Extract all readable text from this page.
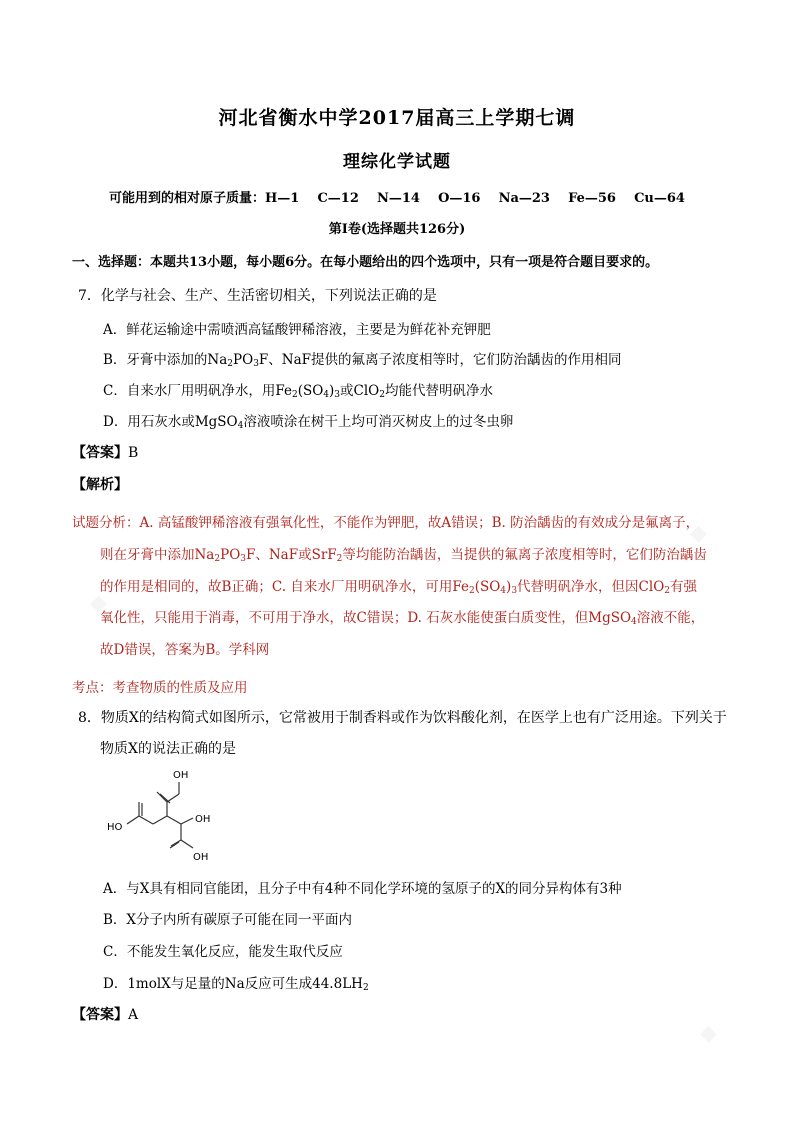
◆
◆
◆
河北省衡水中学2017届高三上学期七调
理综化学试题
可能用到的相对原子质量：H—1    C—12    N—14    O—16    Na—23    Fe—56    Cu—64
第Ⅰ卷(选择题共126分)
一、选择题：本题共13小题，每小题6分。在每小题给出的四个选项中，只有一项是符合题目要求的。
7．化学与社会、生产、生活密切相关，下列说法正确的是
A．鲜花运输途中需喷洒高锰酸钾稀溶液，主要是为鲜花补充钾肥
B．牙膏中添加的$Na_2PO_3F$、NaF提供的氟离子浓度相等时，它们防治龋齿的作用相同
C．自来水厂用明矾净水，用$Fe_2(SO_4)_3$或ClO$_2$均能代替明矾净水
D．用石灰水或MgSO$_4$溶液喷涂在树干上均可消灭树皮上的过冬虫卵
【答案】B
【解析】
试题分析：A. 高锰酸钾稀溶液有强氧化性，不能作为钾肥，故A错误；B. 防治龋齿的有效成分是氟离子，
则在牙膏中添加$Na_2PO_3F$、NaF或SrF$_2$等均能防治龋齿，当提供的氟离子浓度相等时，它们防治龋齿
的作用是相同的，故B正确；C. 自来水厂用明矾净水，可用$Fe_2(SO_4)_3$代替明矾净水，但因ClO$_2$有强
氧化性，只能用于消毒，不可用于净水，故C错误；D. 石灰水能使蛋白质变性，但MgSO$_4$溶液不能，
故D错误，答案为B。学科网
考点：考查物质的性质及应用
8．物质X的结构简式如图所示，它常被用于制香料或作为饮料酸化剂，在医学上也有广泛用途。下列关于
物质X的说法正确的是
OH
HO
OH
OH
A．与X具有相同官能团，且分子中有4种不同化学环境的氢原子的X的同分异构体有3种
B．X分子内所有碳原子可能在同一平面内
C．不能发生氧化反应，能发生取代反应
D．1molX与足量的Na反应可生成$44.8LH_2$
【答案】A
